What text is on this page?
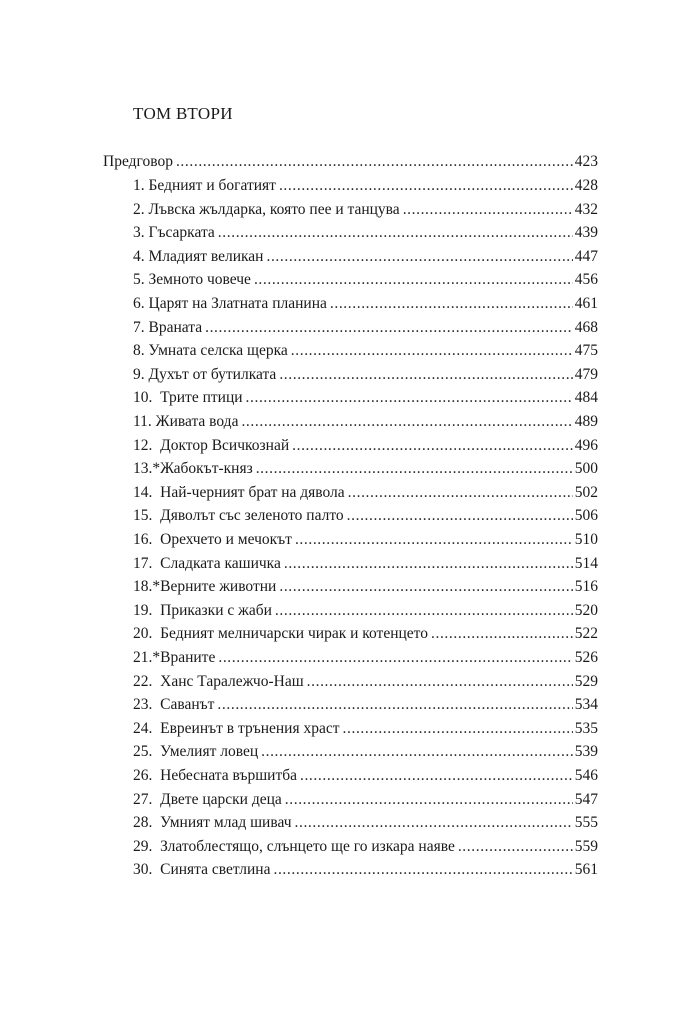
ТОМ ВТОРИ
Предговор .....	423
1. Бедният и богатият .....	428
2. Лъвска жълдарка, която пее и танцува .....	432
3. Гъсарката .....	439
4. Младият великан .....	447
5. Земното човече .....	456
6. Царят на Златната планина .....	461
7. Враната .....	468
8. Умната селска щерка .....	475
9. Духът от бутилката .....	479
10.  Трите птици .....	484
11. Живата вода .....	489
12.  Доктор Всичкознай .....	496
13.*Жабокът-княз .....	500
14.  Най-черният брат на дявола .....	502
15.  Дяволът със зеленото палто .....	506
16.  Орехчето и мечокът .....	510
17.  Сладката кашичка .....	514
18.*Верните животни .....	516
19.  Приказки с жаби .....	520
20.  Бедният мелничарски чирак и котенцето .....	522
21.*Враните .....	526
22.  Ханс Таралежчо-Наш .....	529
23.  Саванът .....	534
24.  Евреинът в трънения храст .....	535
25.  Умелият ловец .....	539
26.  Небесната вършитба .....	546
27.  Двете царски деца .....	547
28.  Умният млад шивач .....	555
29.  Златоблестящо, слънцето ще го изкара наяве .....	559
30.  Синята светлина .....	561
